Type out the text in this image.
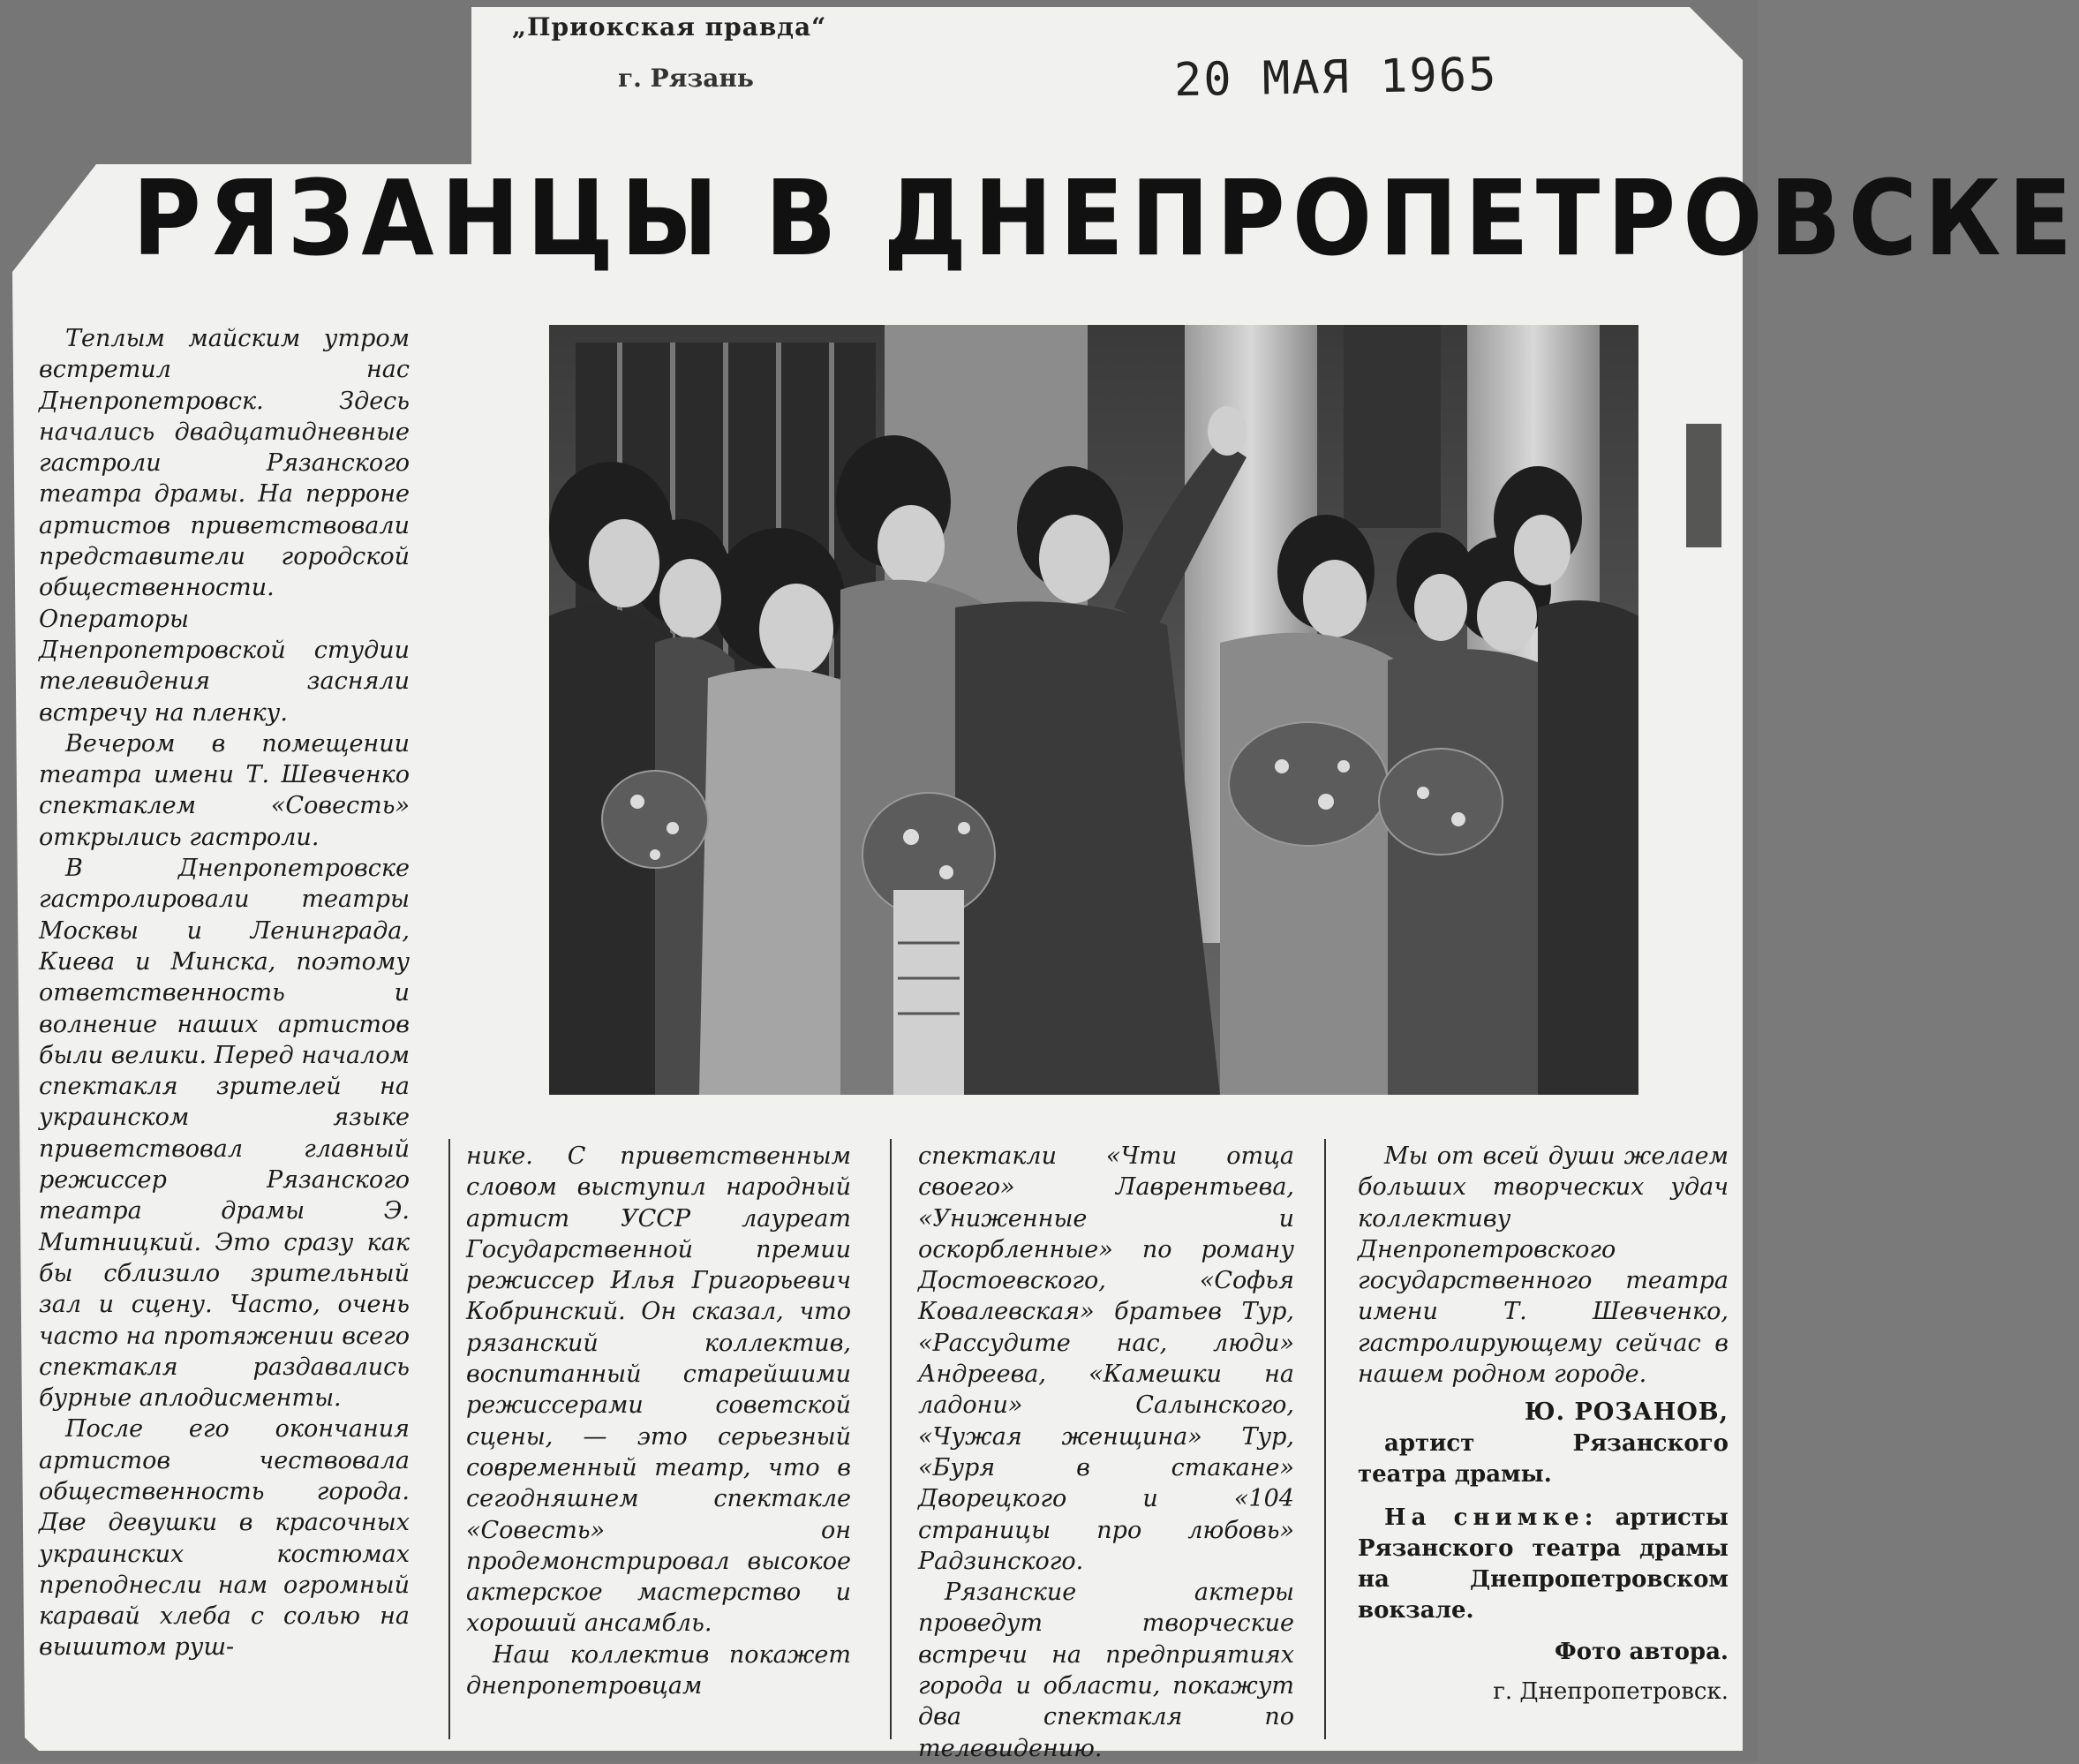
„Приокская правда“
г. Рязань	20 МАЯ 1965
РЯЗАНЦЫ В ДНЕПРОПЕТРОВСКЕ

Теплым майским утром встретил нас Днепропетровск. Здесь начались двадцатидневные гастроли Рязанского театра драмы. На перроне артистов приветствовали представители городской общественности. Операторы Днепропетровской студии телевидения засняли встречу на пленку.

Вечером в помещении театра имени Т. Шевченко спектаклем «Совесть» открылись гастроли.

В Днепропетровске гастролировали театры Москвы и Ленинграда, Киева и Минска, поэтому ответственность и волнение наших артистов были велики. Перед началом спектакля зрителей на украинском языке приветствовал главный режиссер Рязанского театра драмы Э. Митницкий. Это сразу как бы сблизило зрительный зал и сцену. Часто, очень часто на протяжении всего спектакля раздавались бурные аплодисменты.

После его окончания артистов чествовала общественность города. Две девушки в красочных украинских костюмах преподнесли нам огромный каравай хлеба с солью на вышитом руш-

нике. С приветственным словом выступил народный артист УССР лауреат Государственной премии режиссер Илья Григорьевич Кобринский. Он сказал, что рязанский коллектив, воспитанный старейшими режиссерами советской сцены, — это серьезный современный театр, что в сегодняшнем спектакле «Совесть» он продемонстрировал высокое актерское мастерство и хороший ансамбль.

Наш коллектив покажет днепропетровцам

спектакли «Чти отца своего» Лаврентьева, «Униженные и оскорбленные» по роману Достоевского, «Софья Ковалевская» братьев Тур, «Рассудите нас, люди» Андреева, «Камешки на ладони» Салынского, «Чужая женщина» Тур, «Буря в стакане» Дворецкого и «104 страницы про любовь» Радзинского.

Рязанские актеры проведут творческие встречи на предприятиях города и области, покажут два спектакля по телевидению.

Мы от всей души желаем больших творческих удач коллективу Днепропетровского государственного театра имени Т. Шевченко, гастролирующему сейчас в нашем родном городе.

Ю. РОЗАНОВ,

артист Рязанского театра драмы.

На снимке: артисты Рязанского театра драмы на Днепропетровском вокзале.

Фото автора.
г. Днепропетровск.
